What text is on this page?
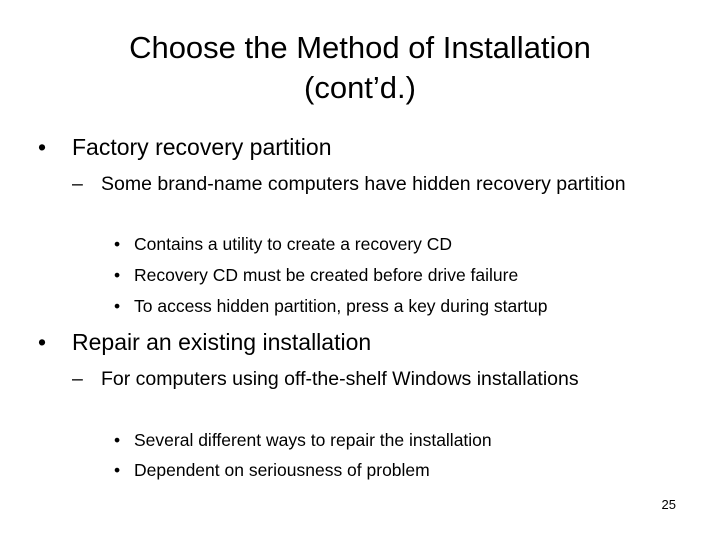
Choose the Method of Installation
(cont’d.)
•	Factory recovery partition
– Some brand-name computers have hidden recovery partition
• Contains a utility to create a recovery CD
• Recovery CD must be created before drive failure
• To access hidden partition, press a key during startup
•	Repair an existing installation
– For computers using off-the-shelf Windows installations
• Several different ways to repair the installation
• Dependent on seriousness of problem
25
